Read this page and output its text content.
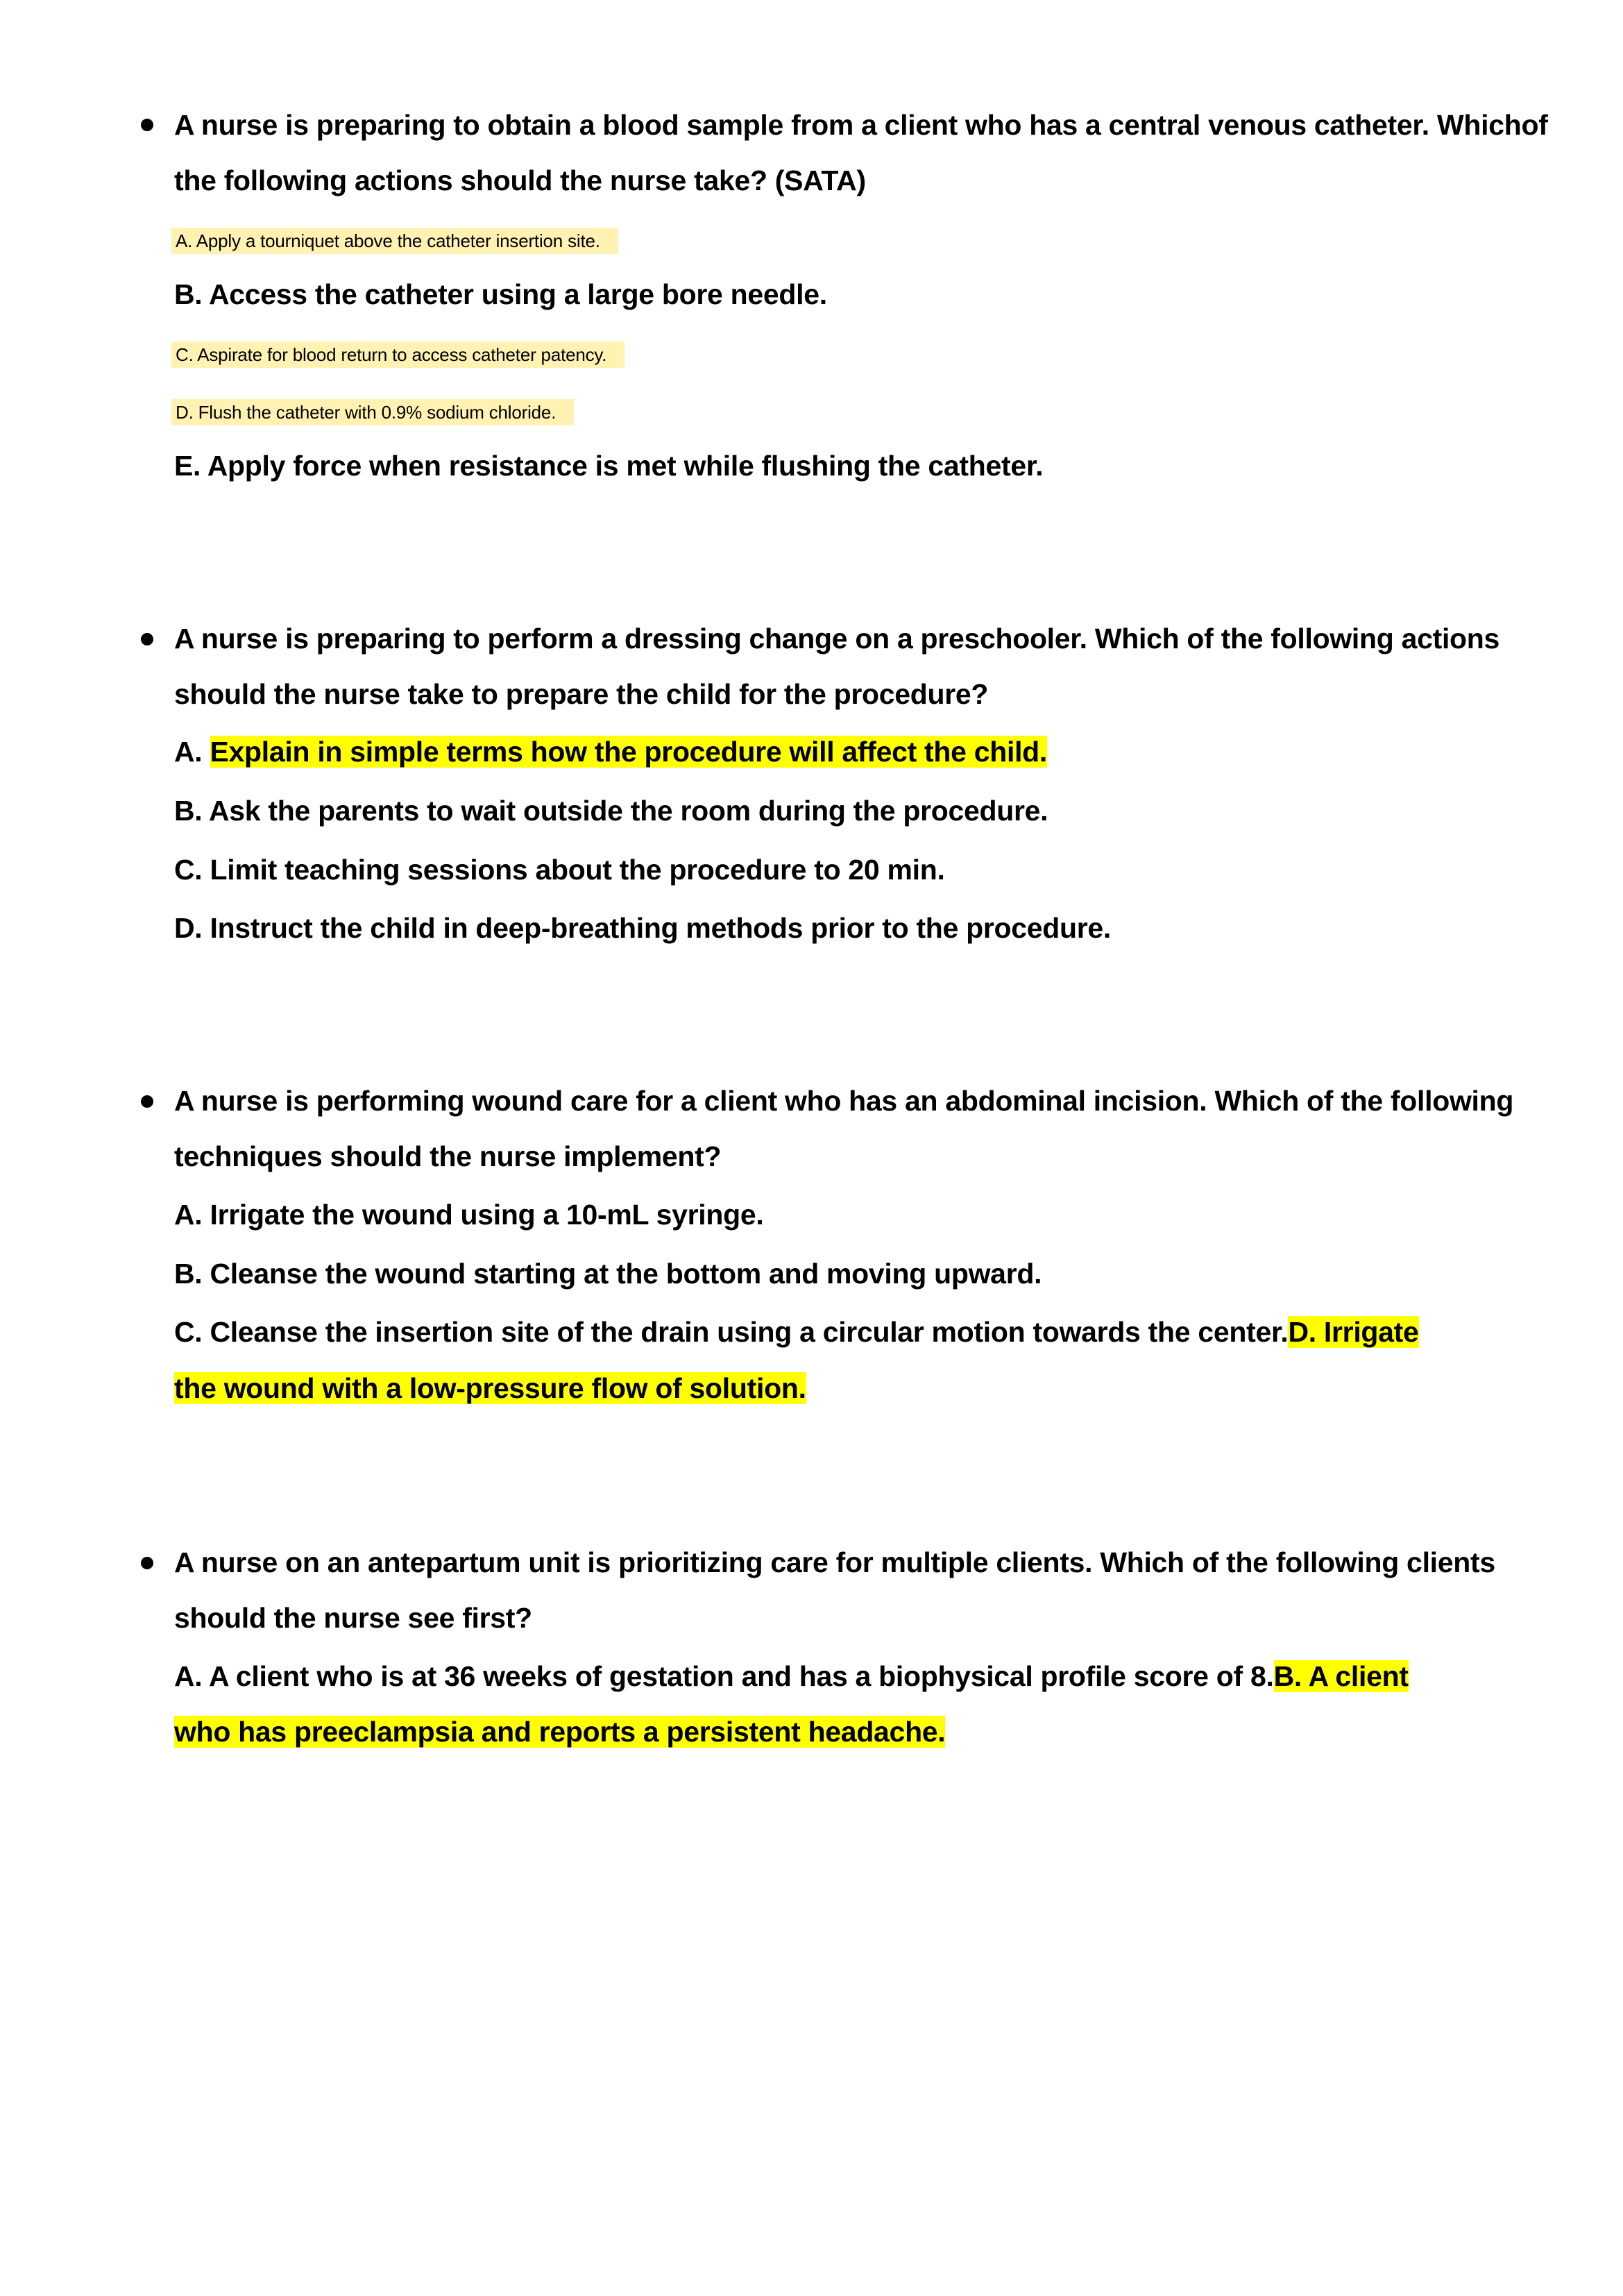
A nurse is preparing to obtain a blood sample from a client who has a central venous catheter. Whichof
the following actions should the nurse take? (SATA)
A. Apply a tourniquet above the catheter insertion site.
B. Access the catheter using a large bore needle.
C. Aspirate for blood return to access catheter patency.
D. Flush the catheter with 0.9% sodium chloride.
E. Apply force when resistance is met while flushing the catheter.
A nurse is preparing to perform a dressing change on a preschooler. Which of the following actions
should the nurse take to prepare the child for the procedure?
A. Explain in simple terms how the procedure will affect the child.
B. Ask the parents to wait outside the room during the procedure.
C. Limit teaching sessions about the procedure to 20 min.
D. Instruct the child in deep-breathing methods prior to the procedure.
A nurse is performing wound care for a client who has an abdominal incision. Which of the following
techniques should the nurse implement?
A. Irrigate the wound using a 10-mL syringe.
B. Cleanse the wound starting at the bottom and moving upward.
C. Cleanse the insertion site of the drain using a circular motion towards the center.D. Irrigate
the wound with a low-pressure flow of solution.
A nurse on an antepartum unit is prioritizing care for multiple clients. Which of the following clients
should the nurse see first?
A. A client who is at 36 weeks of gestation and has a biophysical profile score of 8.B. A client
who has preeclampsia and reports a persistent headache.
